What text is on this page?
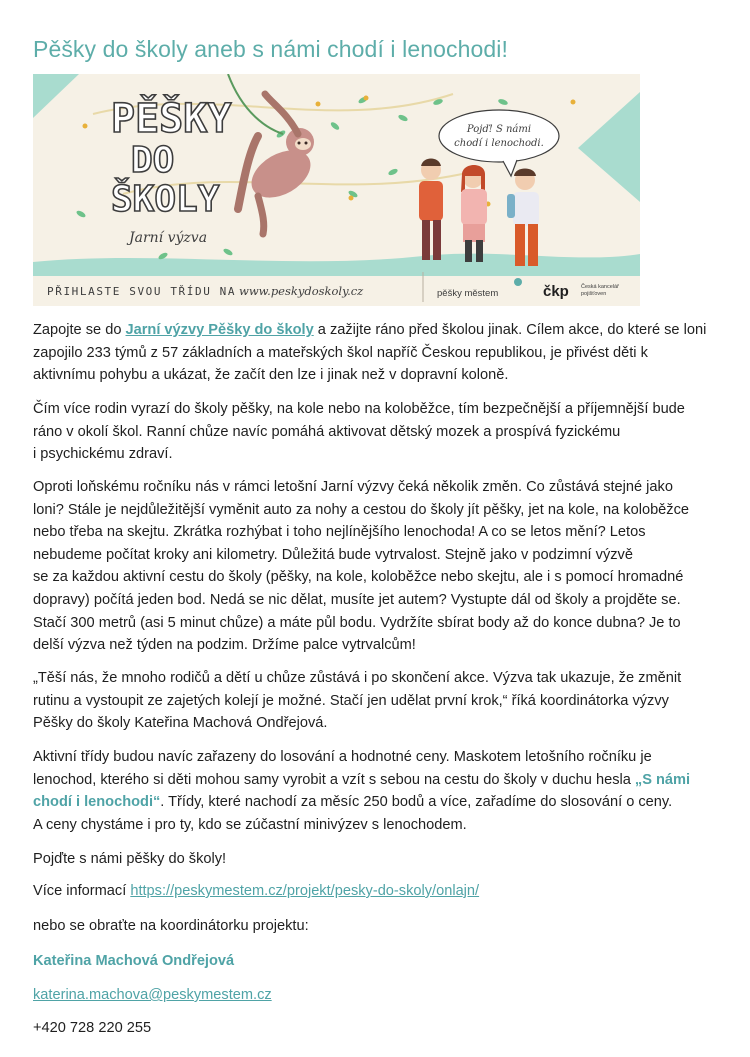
Pěšky do školy aneb s námi chodí i lenochodi!
PĚŠKY
DO
ŠKOLY
Jarní výzva
Pojď! S námi
chodí i lenochodi.
PŘIHLASTE SVOU TŘÍDU NA www.peskydoskoly.cz	pěšky městem	čkp Česká kancelář
pojišťoven

Zapojte se do Jarní výzvy Pěšky do školy a zažijte ráno před školou jinak. Cílem akce, do které se loni

zapojilo 233 týmů z 57 základních a mateřských škol napříč Českou republikou, je přivést děti k

aktivnímu pohybu a ukázat, že začít den lze i jinak než v dopravní koloně.

Čím více rodin vyrazí do školy pěšky, na kole nebo na koloběžce, tím bezpečnější a příjemnější bude

ráno v okolí škol. Ranní chůze navíc pomáhá aktivovat dětský mozek a prospívá fyzickému

i psychickému zdraví.

Oproti loňskému ročníku nás v rámci letošní Jarní výzvy čeká několik změn. Co zůstává stejné jako

loni? Stále je nejdůležitější vyměnit auto za nohy a cestou do školy jít pěšky, jet na kole, na koloběžce

nebo třeba na skejtu. Zkrátka rozhýbat i toho nejlínějšího lenochoda! A co se letos mění? Letos

nebudeme počítat kroky ani kilometry. Důležitá bude vytrvalost. Stejně jako v podzimní výzvě

se za každou aktivní cestu do školy (pěšky, na kole, koloběžce nebo skejtu, ale i s pomocí hromadné

dopravy) počítá jeden bod. Nedá se nic dělat, musíte jet autem? Vystupte dál od školy a projděte se.

Stačí 300 metrů (asi 5 minut chůze) a máte půl bodu. Vydržíte sbírat body až do konce dubna? Je to

delší výzva než týden na podzim. Držíme palce vytrvalcům!

„Těší nás, že mnoho rodičů a dětí u chůze zůstává i po skončení akce. Výzva tak ukazuje, že změnit

rutinu a vystoupit ze zajetých kolejí je možné. Stačí jen udělat první krok,“ říká koordinátorka výzvy

Pěšky do školy Kateřina Machová Ondřejová.

Aktivní třídy budou navíc zařazeny do losování a hodnotné ceny. Maskotem letošního ročníku je

lenochod, kterého si děti mohou samy vyrobit a vzít s sebou na cestu do školy v duchu hesla „S námi

chodí i lenochodi“. Třídy, které nachodí za měsíc 250 bodů a více, zařadíme do slosování o ceny.

A ceny chystáme i pro ty, kdo se zúčastní minivýzev s lenochodem.

Pojďte s námi pěšky do školy!

Více informací https://peskymestem.cz/projekt/pesky-do-skoly/onlajn/

nebo se obraťte na koordinátorku projektu:

Kateřina Machová Ondřejová

katerina.machova@peskymestem.cz

+420 728 220 255
